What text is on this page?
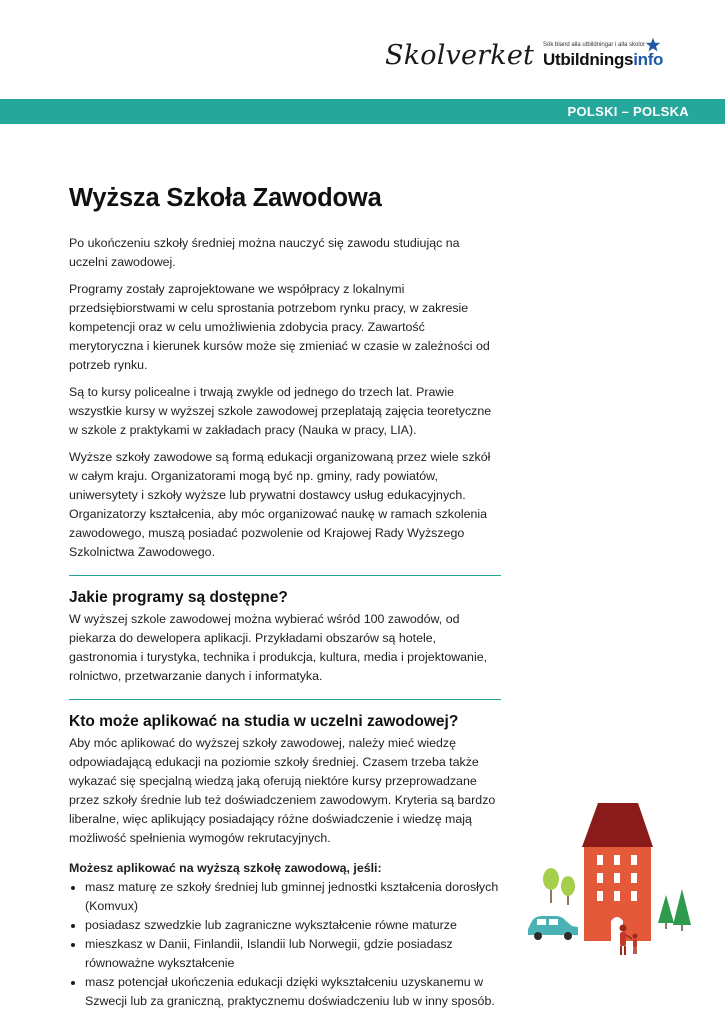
Skolverket Sök bland alla utbildningar i alla skolor
Utbildningsinfo
POLSKI – POLSKA
Wyższa Szkoła Zawodowa

Po ukończeniu szkoły średniej można nauczyć się zawodu studiując na uczelni zawodowej.

Programy zostały zaprojektowane we współpracy z lokalnymi przedsiębiorstwami w celu sprostania potrzebom rynku pracy, w zakresie kompetencji oraz w celu umożliwienia zdobycia pracy. Zawartość merytoryczna i kierunek kursów może się zmieniać w czasie w zależności od potrzeb rynku.

Są to kursy policealne i trwają zwykle od jednego do trzech lat. Prawie wszystkie kursy w wyższej szkole zawodowej przeplatają zajęcia teoretyczne w szkole z praktykami w zakładach pracy (Nauka w pracy, LIA).

Wyższe szkoły zawodowe są formą edukacji organizowaną przez wiele szkół w całym kraju. Organizatorami mogą być np. gminy, rady powiatów, uniwersytety i szkoły wyższe lub prywatni dostawcy usług edukacyjnych. Organizatorzy kształcenia, aby móc organizować naukę w ramach szkolenia zawodowego, muszą posiadać pozwolenie od Krajowej Rady Wyższego Szkolnictwa Zawodowego.

Jakie programy są dostępne?

W wyższej szkole zawodowej można wybierać wśród 100 zawodów, od piekarza do dewelopera aplikacji. Przykładami obszarów są hotele, gastronomia i turystyka, technika i produkcja, kultura, media i projektowanie, rolnictwo, przetwarzanie danych i informatyka.

Kto może aplikować na studia w uczelni zawodowej?

Aby móc aplikować do wyższej szkoły zawodowej, należy mieć wiedzę odpowiadającą edukacji na poziomie szkoły średniej. Czasem trzeba także wykazać się specjalną wiedzą jaką oferują niektóre kursy przeprowadzane przez szkoły średnie lub też doświadczeniem zawodowym. Kryteria są bardzo liberalne, więc aplikujący posiadający różne doświadczenie i wiedzę mają możliwość spełnienia wymogów rekrutacyjnych.

Możesz aplikować na wyższą szkołę zawodową, jeśli:
• masz maturę ze szkoły średniej lub gminnej jednostki kształcenia dorosłych (Komvux)
• posiadasz szwedzkie lub zagraniczne wykształcenie równe maturze
• mieszkasz w Danii, Finlandii, Islandii lub Norwegii, gdzie posiadasz równoważne wykształcenie
• masz potencjał ukończenia edukacji dzięki wykształceniu uzyskanemu w Szwecji lub za graniczną, praktycznemu doświadczeniu lub w inny sposób.
